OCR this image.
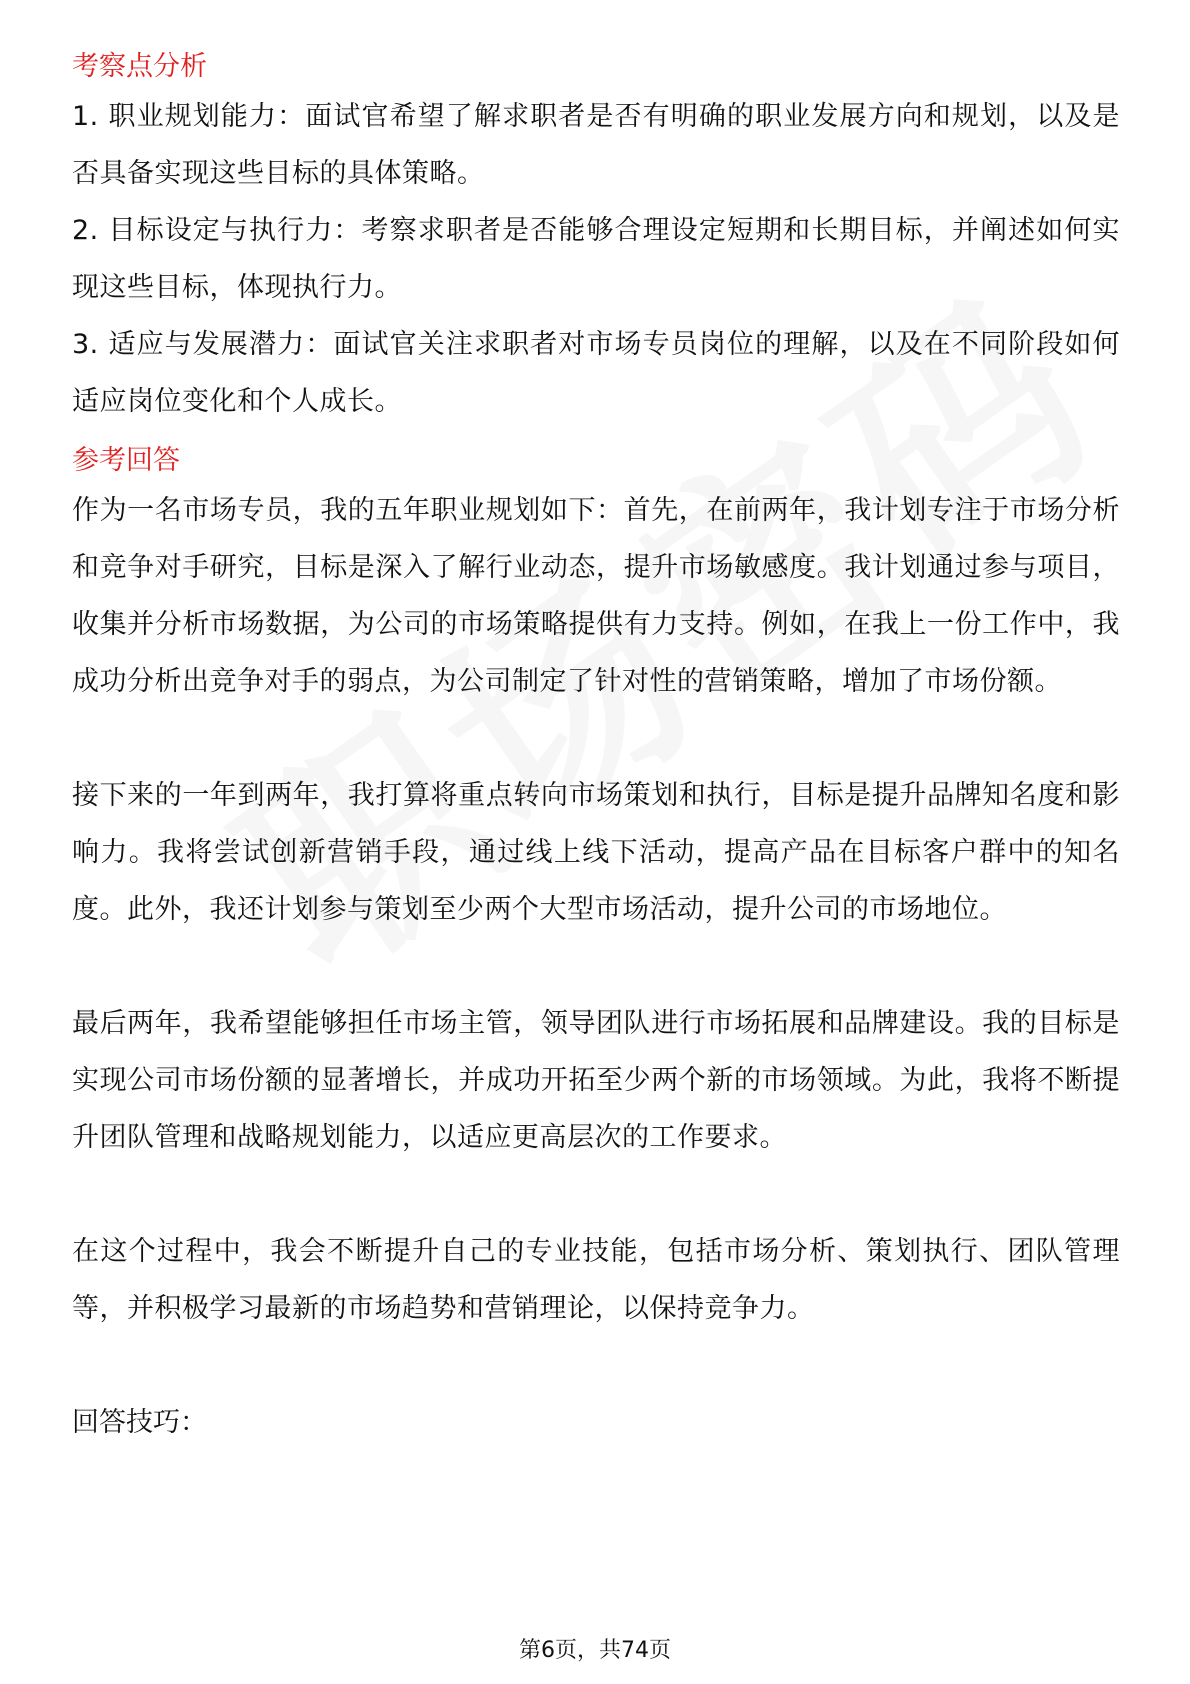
考察点分析

1. 职业规划能力：面试官希望了解求职者是否有明确的职业发展方向和规划，以及是否具备实现这些目标的具体策略。

2. 目标设定与执行力：考察求职者是否能够合理设定短期和长期目标，并阐述如何实现这些目标，体现执行力。

3. 适应与发展潜力：面试官关注求职者对市场专员岗位的理解，以及在不同阶段如何适应岗位变化和个人成长。

参考回答

作为一名市场专员，我的五年职业规划如下：首先，在前两年，我计划专注于市场分析和竞争对手研究，目标是深入了解行业动态，提升市场敏感度。我计划通过参与项目，收集并分析市场数据，为公司的市场策略提供有力支持。例如，在我上一份工作中，我成功分析出竞争对手的弱点，为公司制定了针对性的营销策略，增加了市场份额。

接下来的一年到两年，我打算将重点转向市场策划和执行，目标是提升品牌知名度和影响力。我将尝试创新营销手段，通过线上线下活动，提高产品在目标客户群中的知名度。此外，我还计划参与策划至少两个大型市场活动，提升公司的市场地位。

最后两年，我希望能够担任市场主管，领导团队进行市场拓展和品牌建设。我的目标是实现公司市场份额的显著增长，并成功开拓至少两个新的市场领域。为此，我将不断提升团队管理和战略规划能力，以适应更高层次的工作要求。

在这个过程中，我会不断提升自己的专业技能，包括市场分析、策划执行、团队管理等，并积极学习最新的市场趋势和营销理论，以保持竞争力。

回答技巧：

第6页，共74页
